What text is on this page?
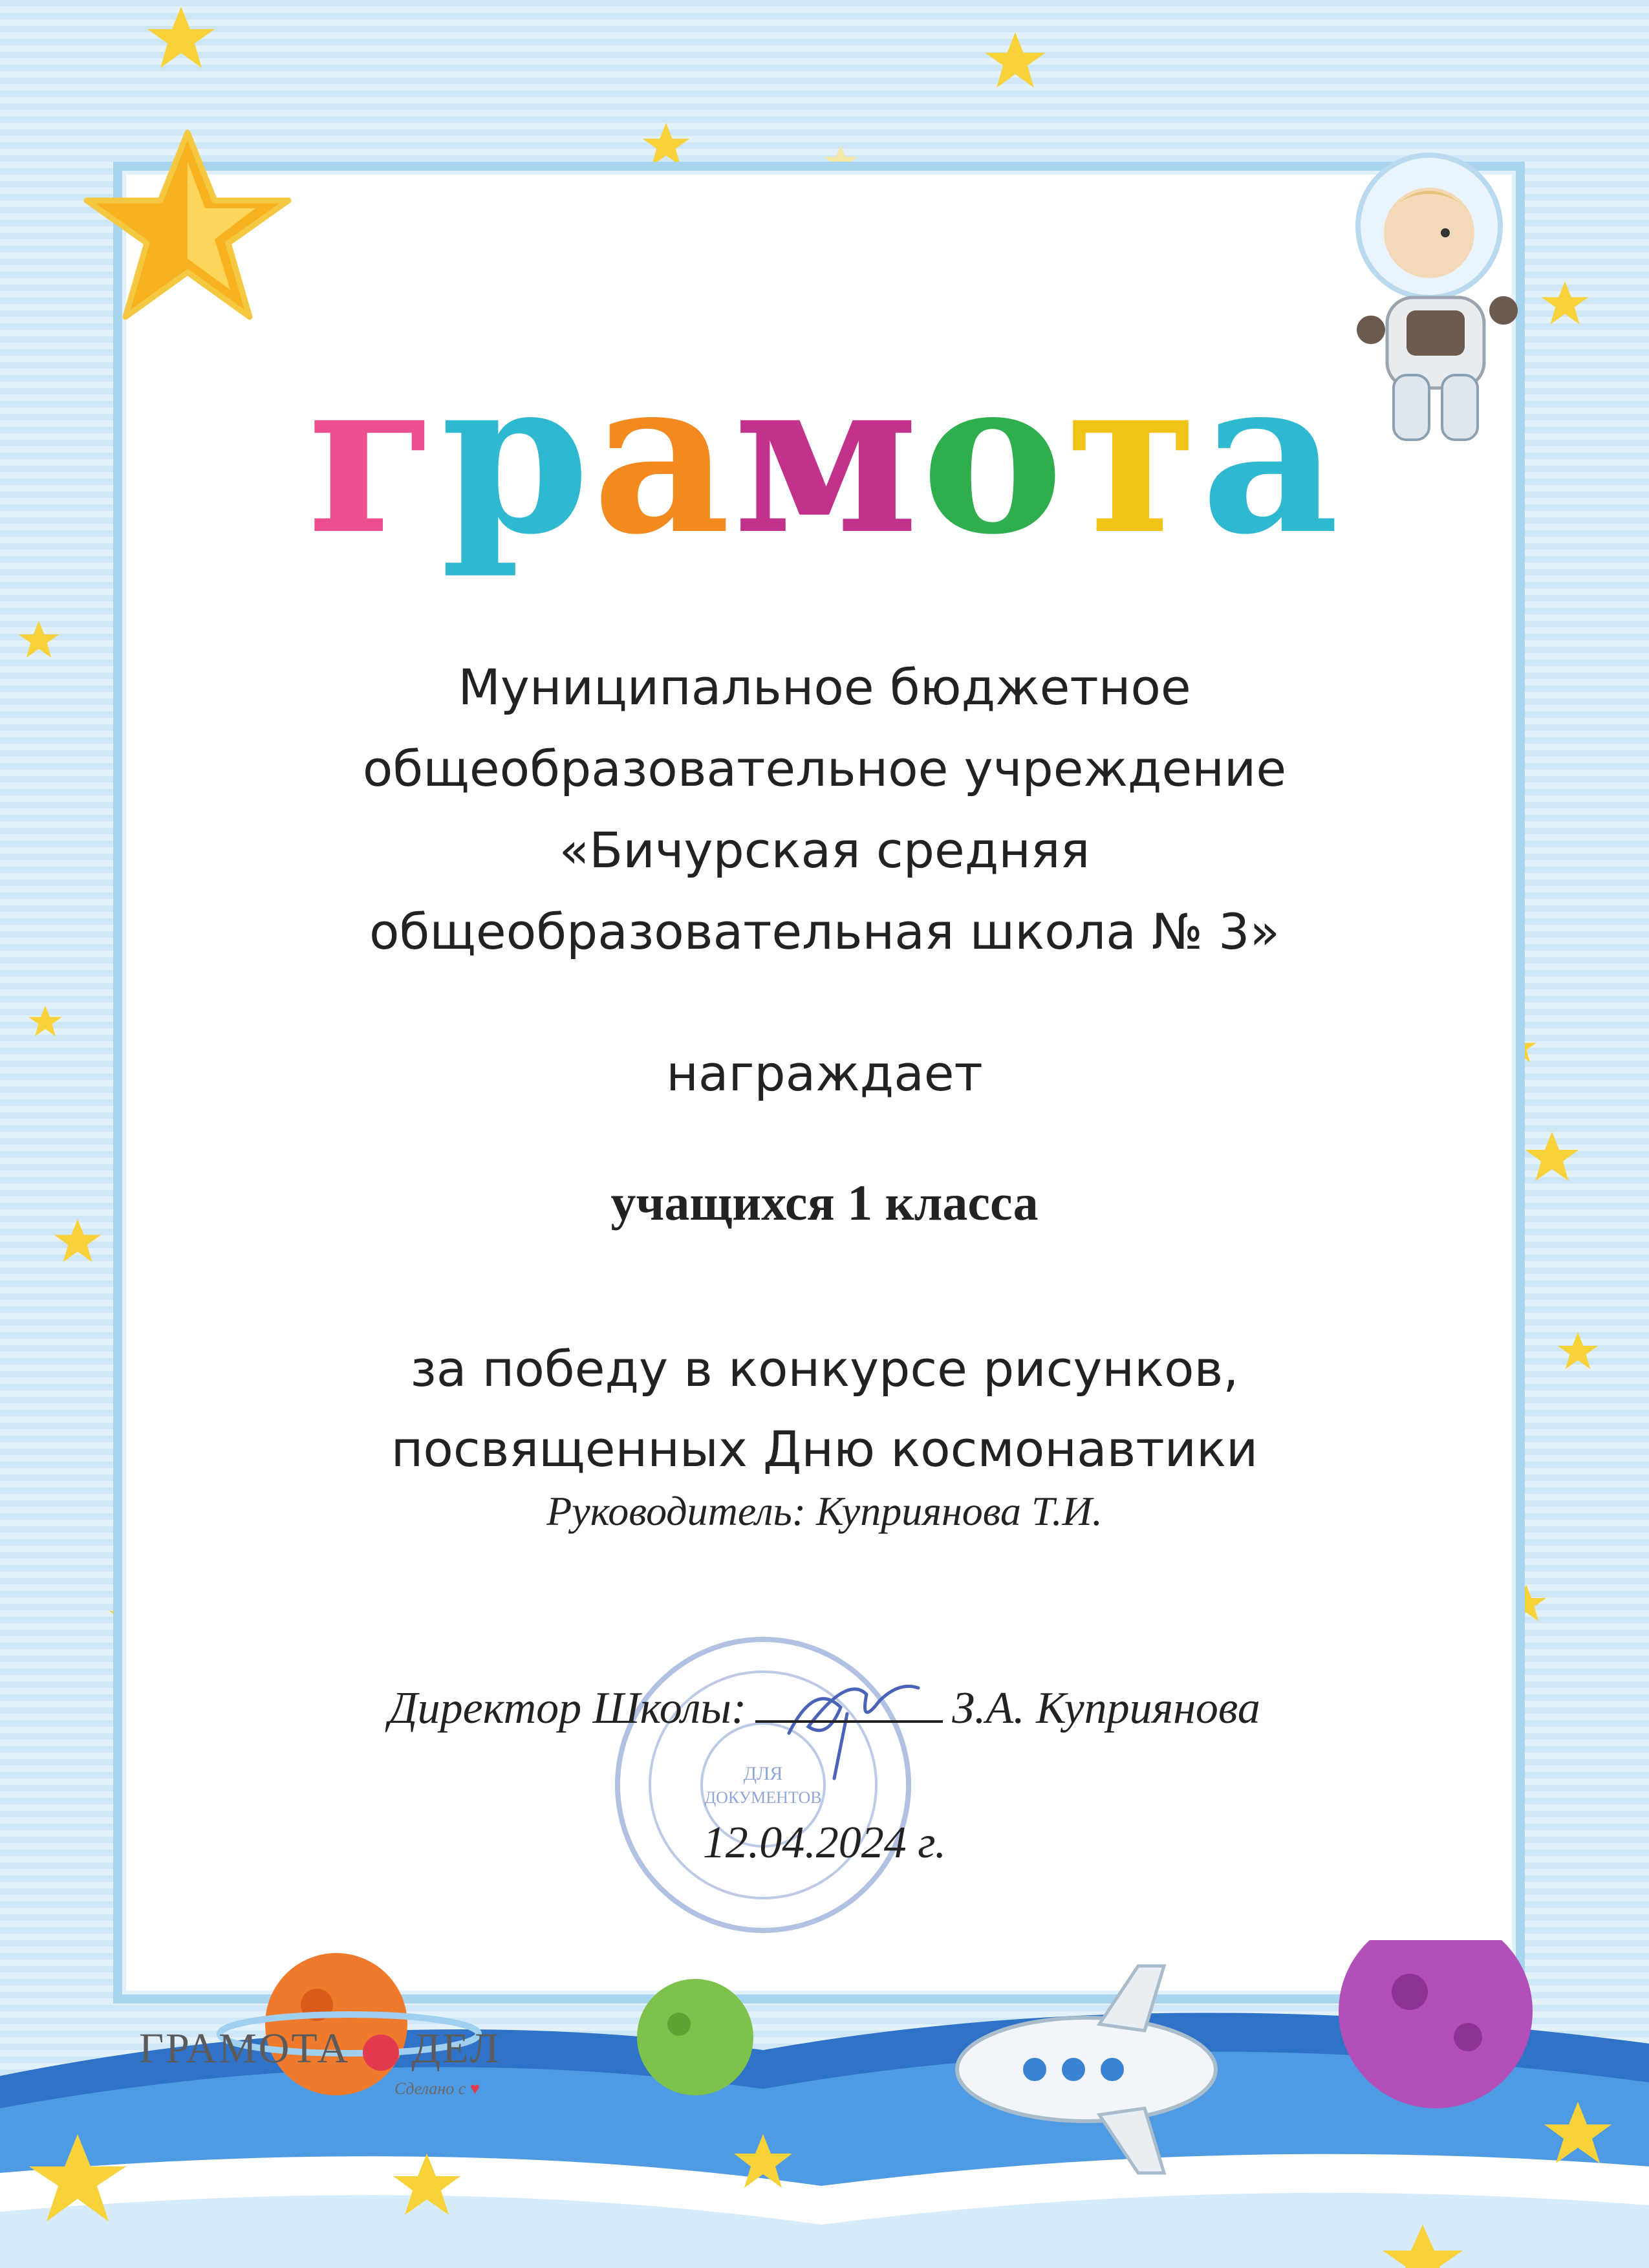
грамота
Муниципальное бюджетное
общеобразовательное учреждение
«Бичурская средняя
общеобразовательная школа № 3»
награждает
учащихся 1 класса
за победу в конкурсе рисунков,
посвященных Дню космонавтики
Руководитель: Куприянова Т.И.
ДЛЯ
ДОКУМЕНТОВ
Директор Школы:	З.А. Куприянова
12.04.2024 г.
ГРАМОТА ДЕЛ
Сделано с ♥
